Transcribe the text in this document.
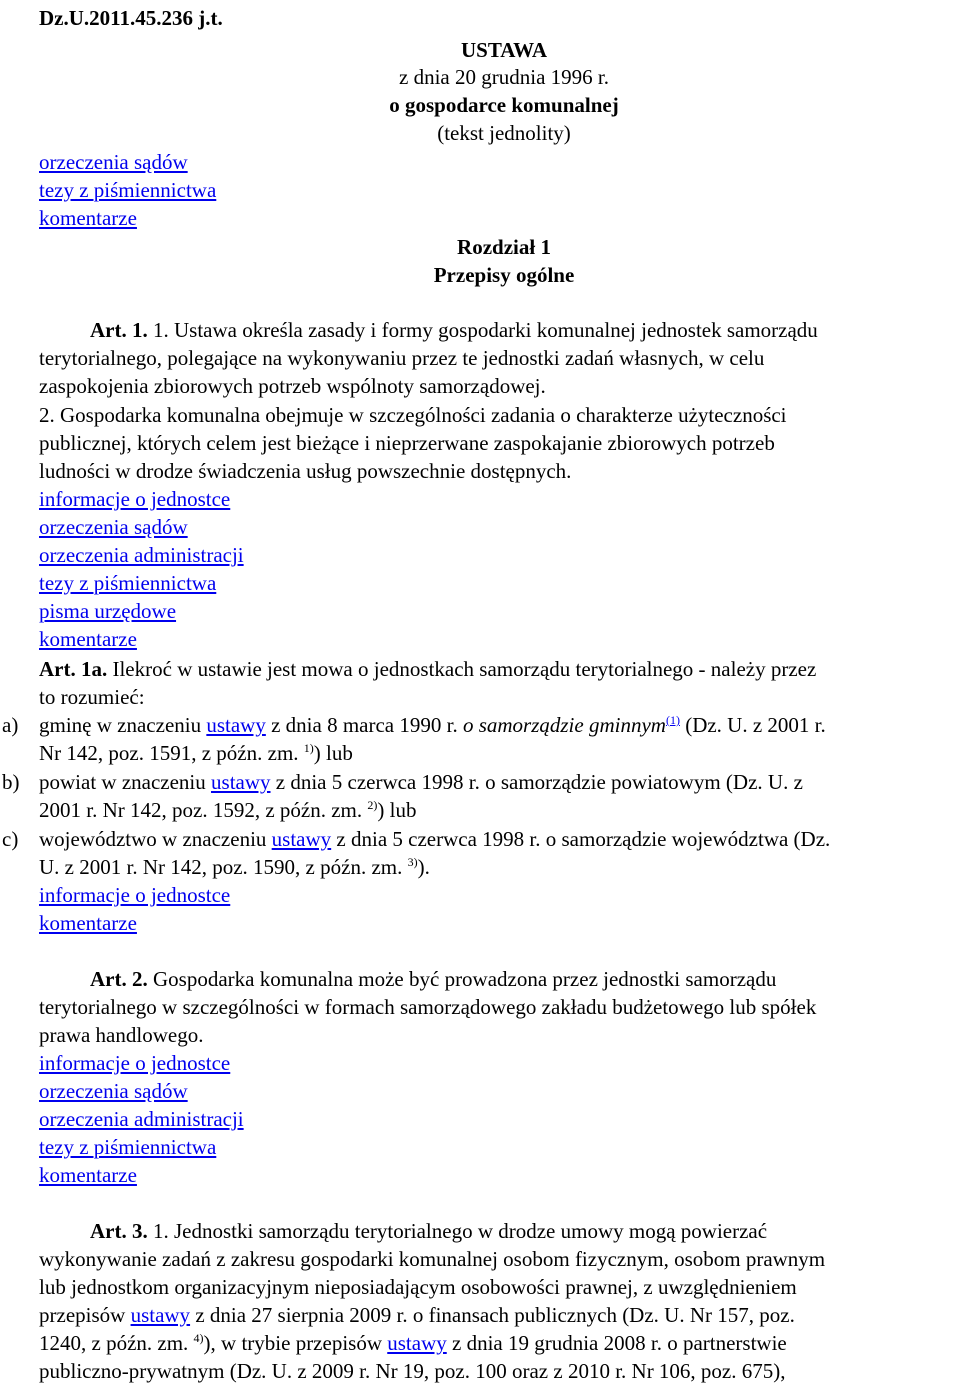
Dz.U.2011.45.236 j.t.
USTAWA
z dnia 20 grudnia 1996 r.
o gospodarce komunalnej
(tekst jednolity)
orzeczenia sądów
tezy z piśmiennictwa
komentarze
Rozdział 1
Przepisy ogólne
Art. 1. 1. Ustawa określa zasady i formy gospodarki komunalnej jednostek samorządu
terytorialnego, polegające na wykonywaniu przez te jednostki zadań własnych, w celu
zaspokojenia zbiorowych potrzeb wspólnoty samorządowej.
2. Gospodarka komunalna obejmuje w szczególności zadania o charakterze użyteczności
publicznej, których celem jest bieżące i nieprzerwane zaspokajanie zbiorowych potrzeb
ludności w drodze świadczenia usług powszechnie dostępnych.
informacje o jednostce
orzeczenia sądów
orzeczenia administracji
tezy z piśmiennictwa
pisma urzędowe
komentarze
Art. 1a. Ilekroć w ustawie jest mowa o jednostkach samorządu terytorialnego - należy przez
to rozumieć:
a) gminę w znaczeniu ustawy z dnia 8 marca 1990 r. o samorządzie gminnym$^{(1)}$ (Dz. U. z 2001 r.
Nr 142, poz. 1591, z późn. zm. $^{1)}$) lub
b) powiat w znaczeniu ustawy z dnia 5 czerwca 1998 r. o samorządzie powiatowym (Dz. U. z
2001 r. Nr 142, poz. 1592, z późn. zm. $^{2)}$) lub
c) województwo w znaczeniu ustawy z dnia 5 czerwca 1998 r. o samorządzie województwa (Dz.
U. z 2001 r. Nr 142, poz. 1590, z późn. zm. $^{3)}$).
informacje o jednostce
komentarze
Art. 2. Gospodarka komunalna może być prowadzona przez jednostki samorządu
terytorialnego w szczególności w formach samorządowego zakładu budżetowego lub spółek
prawa handlowego.
informacje o jednostce
orzeczenia sądów
orzeczenia administracji
tezy z piśmiennictwa
komentarze
Art. 3. 1. Jednostki samorządu terytorialnego w drodze umowy mogą powierzać
wykonywanie zadań z zakresu gospodarki komunalnej osobom fizycznym, osobom prawnym
lub jednostkom organizacyjnym nieposiadającym osobowości prawnej, z uwzględnieniem
przepisów ustawy z dnia 27 sierpnia 2009 r. o finansach publicznych (Dz. U. Nr 157, poz.
1240, z późn. zm. $^{4)}$), w trybie przepisów ustawy z dnia 19 grudnia 2008 r. o partnerstwie
publiczno-prywatnym (Dz. U. z 2009 r. Nr 19, poz. 100 oraz z 2010 r. Nr 106, poz. 675),
